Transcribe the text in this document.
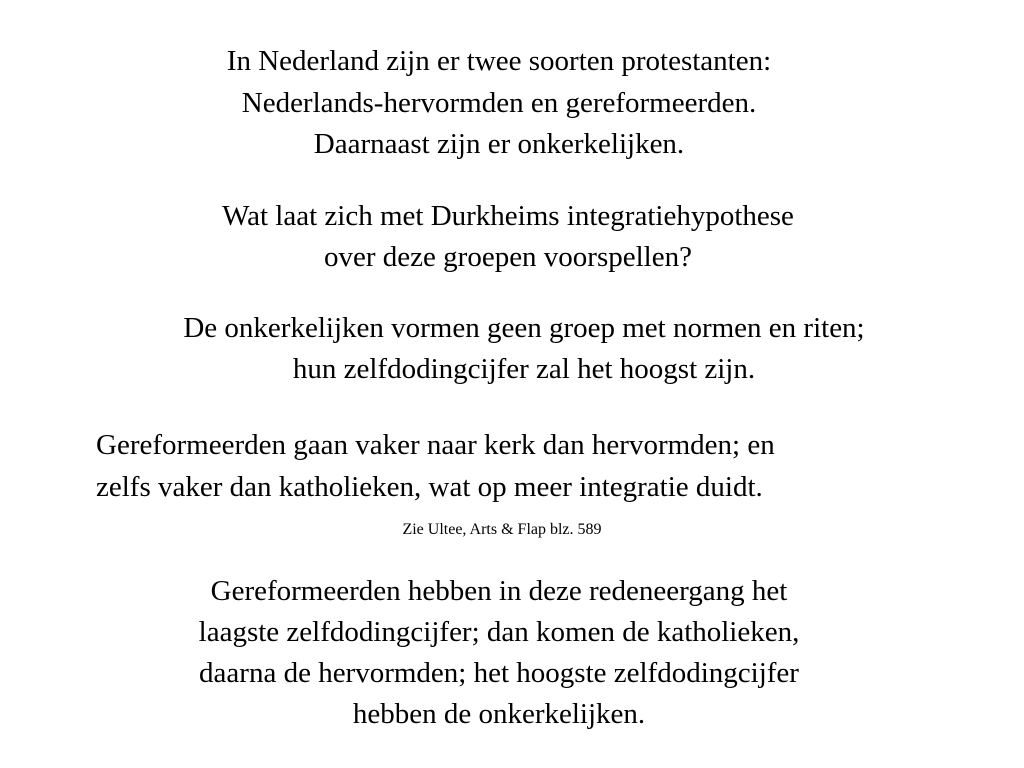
In Nederland zijn er twee soorten protestanten:
Nederlands-hervormden en gereformeerden.
Daarnaast zijn er onkerkelijken.
Wat laat zich met Durkheims integratiehypothese
over deze groepen voorspellen?
De onkerkelijken vormen geen groep met normen en riten;
hun zelfdodingcijfer zal het hoogst zijn.
Gereformeerden gaan vaker naar kerk dan hervormden; en
zelfs vaker dan katholieken, wat op meer integratie duidt.
Zie Ultee, Arts & Flap blz. 589
Gereformeerden hebben in deze redeneergang het
laagste zelfdodingcijfer; dan komen de katholieken,
daarna de hervormden; het hoogste zelfdodingcijfer
hebben de onkerkelijken.
